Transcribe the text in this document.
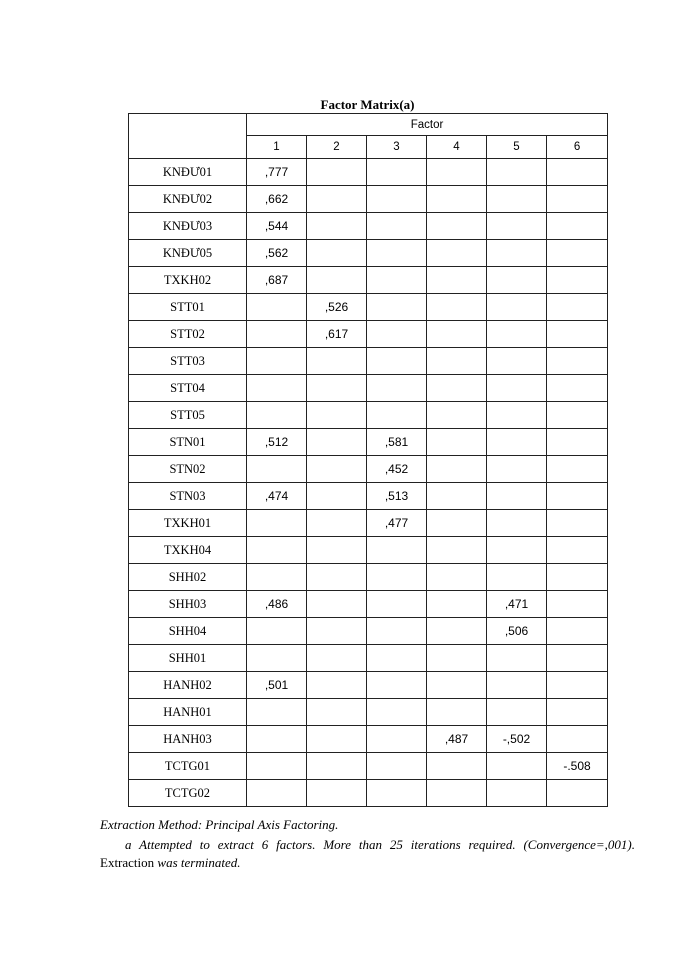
Factor Matrix(a)
	Factor					
	1	2	3	4	5	6
KNĐƯ01	,777					
KNĐƯ02	,662					
KNĐƯ03	,544					
KNĐƯ05	,562					
TXKH02	,687					
STT01		,526				
STT02		,617				
STT03						
STT04						
STT05						
STN01	,512		,581			
STN02			,452			
STN03	,474		,513			
TXKH01			,477			
TXKH04						
SHH02						
SHH03	,486				,471	
SHH04					,506	
SHH01						
HANH02	,501					
HANH01						
HANH03				,487	-,502	
TCTG01						-.508
TCTG02						
Extraction Method: Principal Axis Factoring.
a Attempted to extract 6 factors. More than 25 iterations required. (Convergence=,001). Extraction was terminated.
